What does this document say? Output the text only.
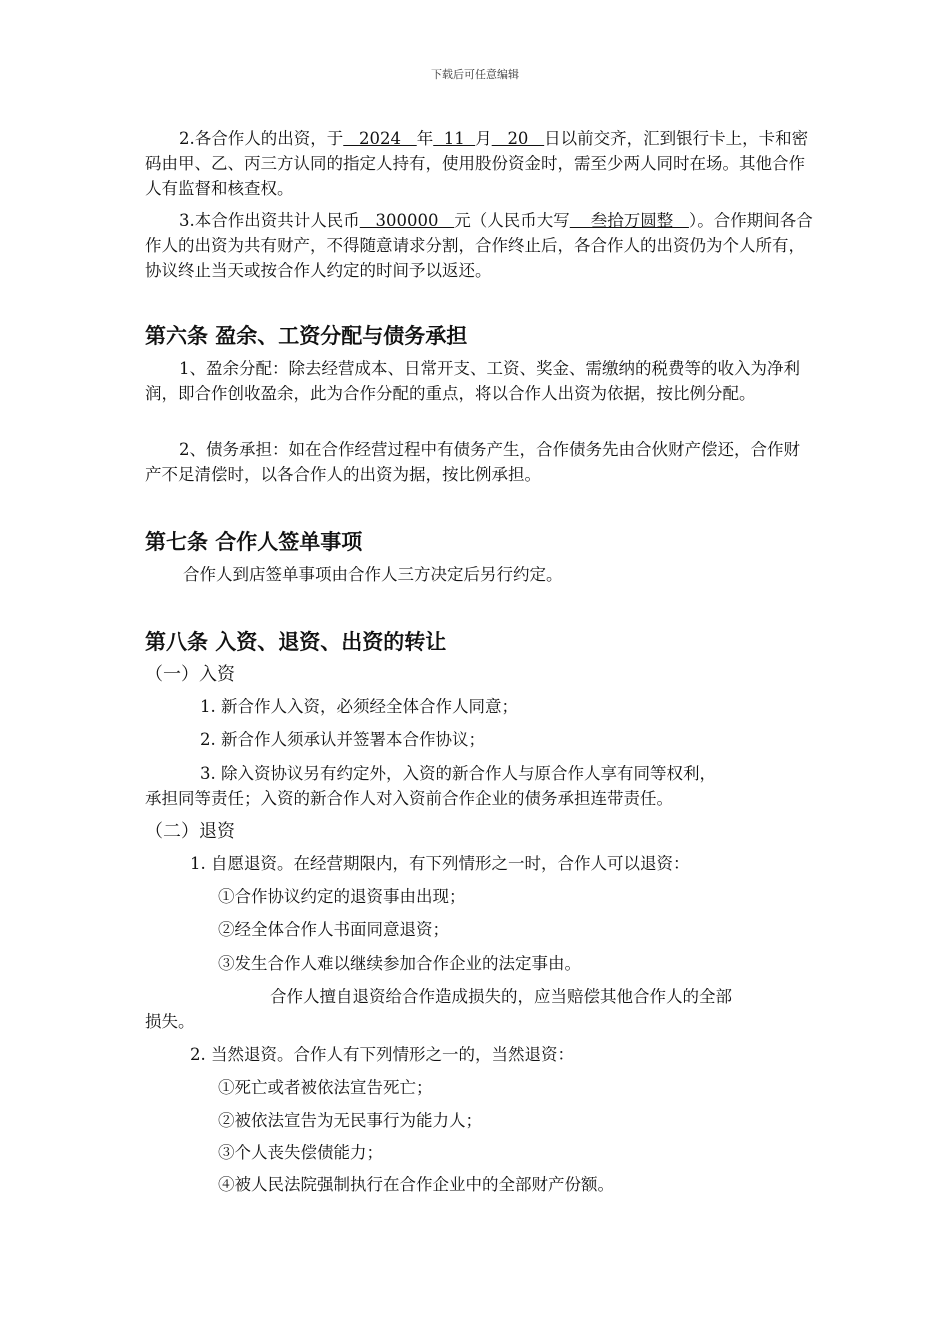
下载后可任意编辑

2.各合作人的出资，于   2024   年  11  月   20   日以前交齐，汇到银行卡上，卡和密码由甲、乙、丙三方认同的指定人持有，使用股份资金时，需至少两人同时在场。其他合作人有监督和核查权。

3.本合作出资共计人民币   300000   元（人民币大写    叁拾万圆整   ）。合作期间各合作人的出资为共有财产，不得随意请求分割，合作终止后，各合作人的出资仍为个人所有，协议终止当天或按合作人约定的时间予以返还。

第六条 盈余、工资分配与债务承担

1、盈余分配：除去经营成本、日常开支、工资、奖金、需缴纳的税费等的收入为净利润，即合作创收盈余，此为合作分配的重点，将以合作人出资为依据，按比例分配。

2、债务承担：如在合作经营过程中有债务产生，合作债务先由合伙财产偿还，合作财产不足清偿时，以各合作人的出资为据，按比例承担。

第七条 合作人签单事项

合作人到店签单事项由合作人三方决定后另行约定。

第八条 入资、退资、出资的转让

（一）入资

1. 新合作人入资，必须经全体合作人同意；

2. 新合作人须承认并签署本合作协议；

3. 除入资协议另有约定外，入资的新合作人与原合作人享有同等权利，

承担同等责任；入资的新合作人对入资前合作企业的债务承担连带责任。

（二）退资

1. 自愿退资。在经营期限内，有下列情形之一时，合作人可以退资：

①合作协议约定的退资事由出现；

②经全体合作人书面同意退资；

③发生合作人难以继续参加合作企业的法定事由。

合作人擅自退资给合作造成损失的，应当赔偿其他合作人的全部

损失。

2. 当然退资。合作人有下列情形之一的，当然退资：

①死亡或者被依法宣告死亡；

②被依法宣告为无民事行为能力人；

③个人丧失偿债能力；

④被人民法院强制执行在合作企业中的全部财产份额。
